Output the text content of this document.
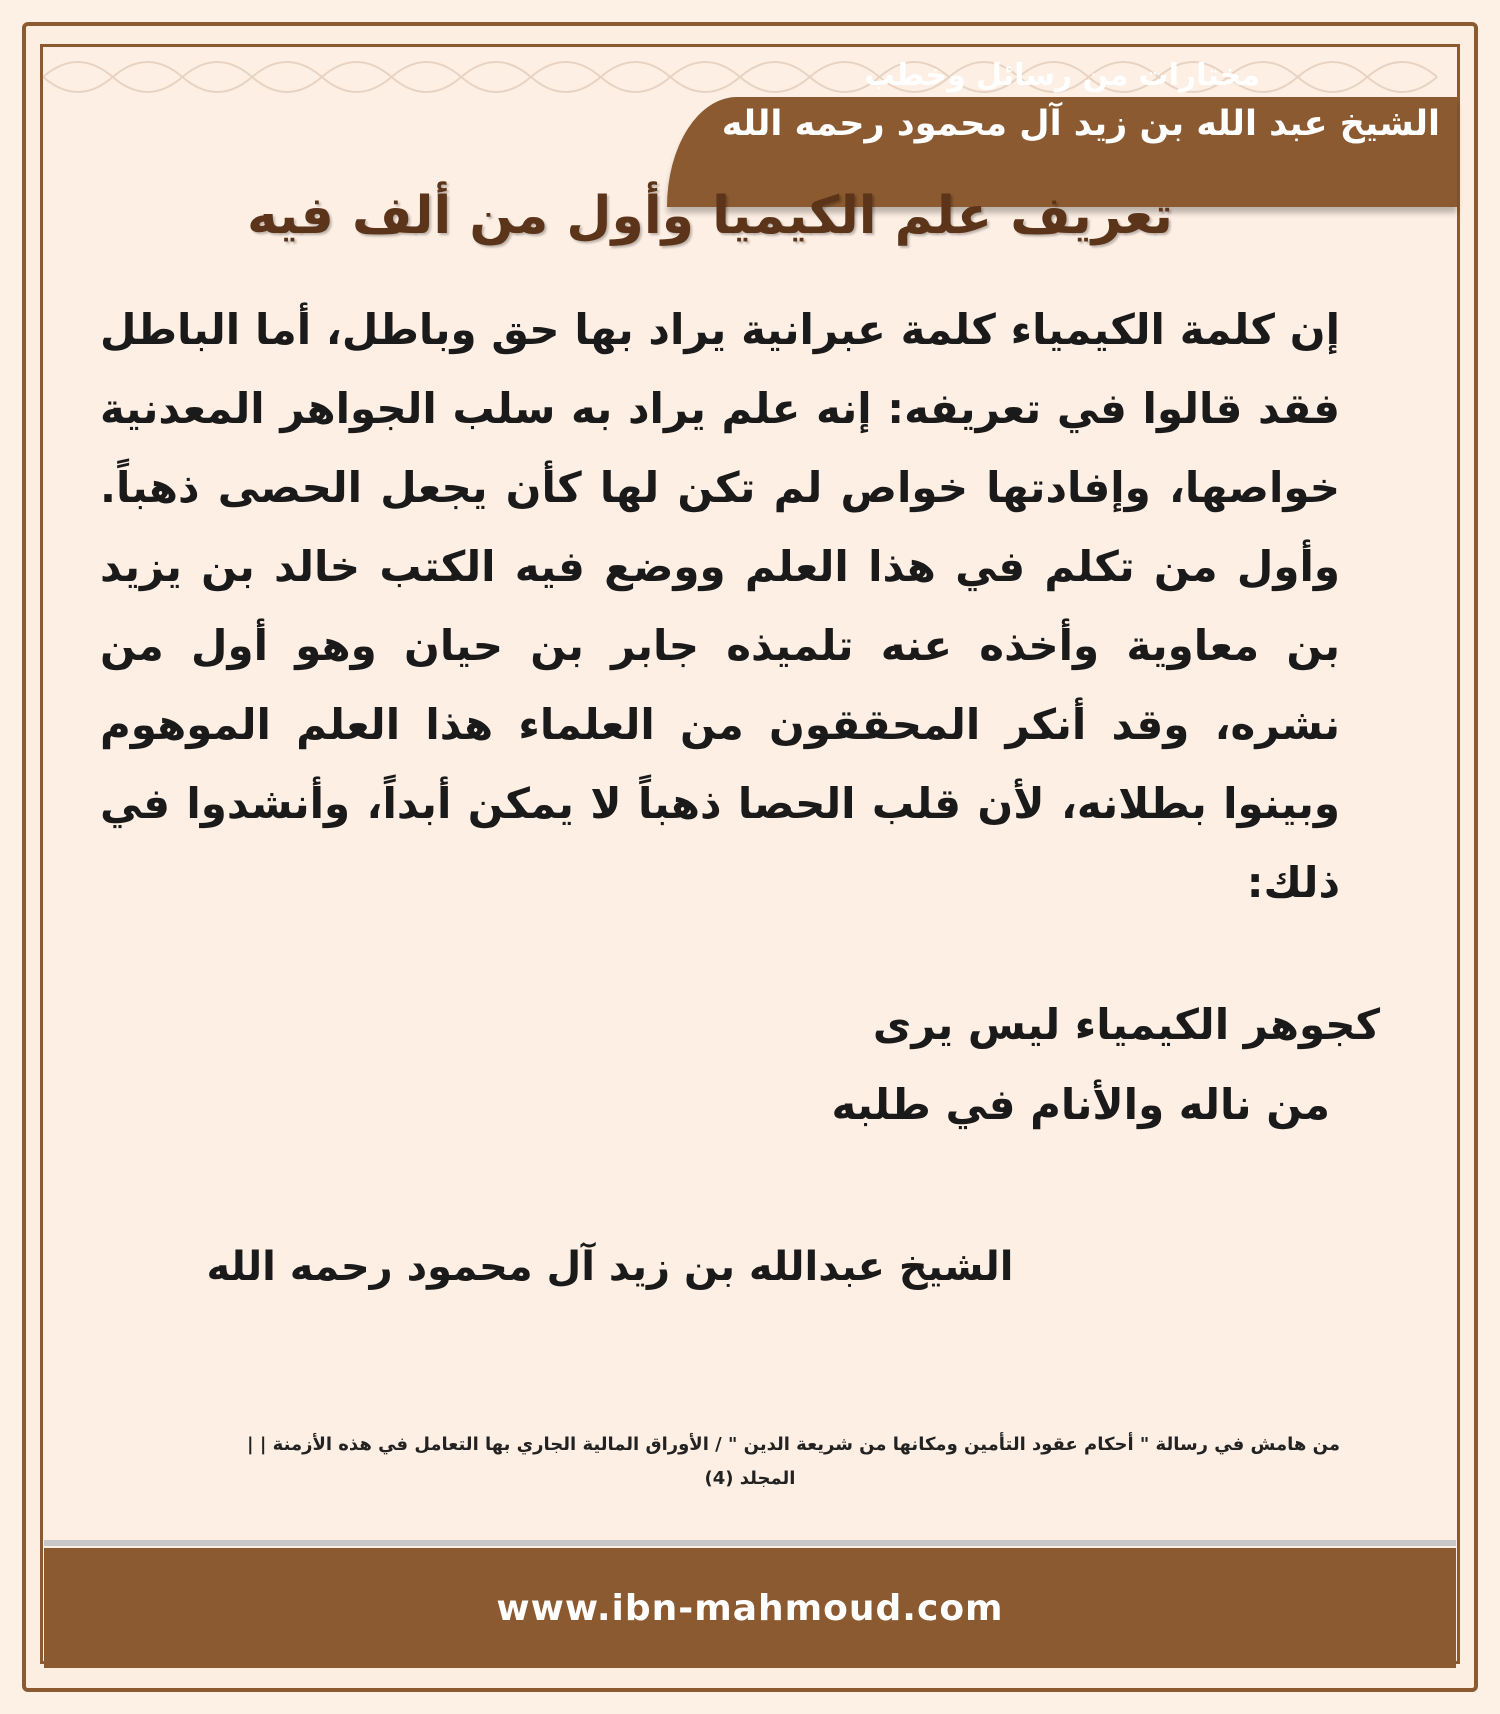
مختارات من رسائل وخطب
الشيخ عبد الله بن زيد آل محمود رحمه الله
تعريف علم الكيميا وأول من ألف فيه
إن كلمة الكيمياء كلمة عبرانية يراد بها حق وباطل، أما الباطل فقد قالوا في تعريفه: إنه علم يراد به سلب الجواهر المعدنية خواصها، وإفادتها خواص لم تكن لها كأن يجعل الحصى ذهباً. وأول من تكلم في هذا العلم ووضع فيه الكتب خالد بن يزيد بن معاوية وأخذه عنه تلميذه جابر بن حيان وهو أول من نشره، وقد أنكر المحققون من العلماء هذا العلم الموهوم وبينوا بطلانه، لأن قلب الحصا ذهباً لا يمكن أبداً، وأنشدوا في ذلك:
كجوهر الكيمياء ليس يرى
من ناله والأنام في طلبه
الشيخ عبدالله بن زيد آل محمود رحمه الله
من هامش في رسالة " أحكام عقود التأمين ومكانها من شريعة الدين " / الأوراق المالية الجاري بها التعامل في هذه الأزمنة | |
المجلد (4)
www.ibn-mahmoud.com
